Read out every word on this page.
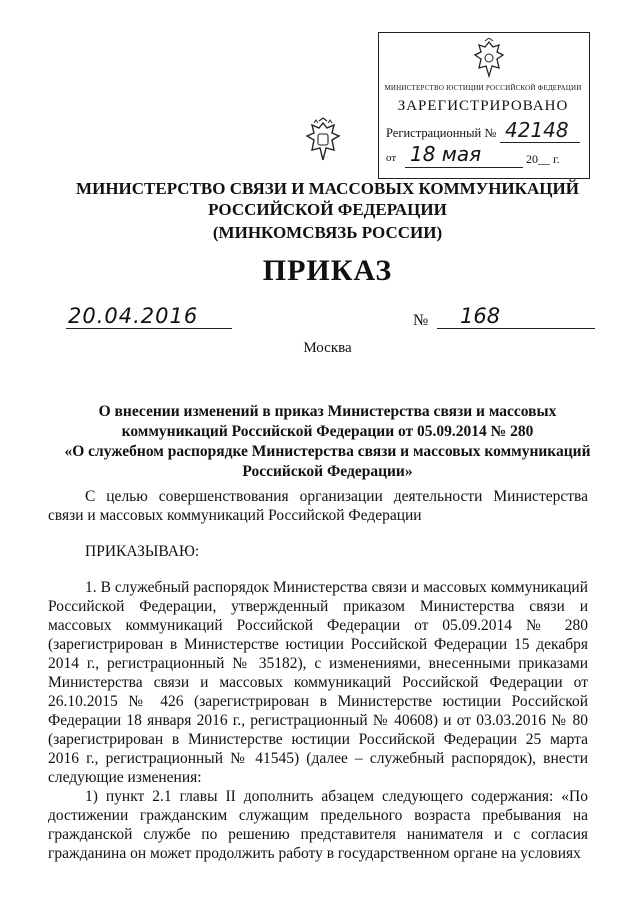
МИНИСТЕРСТВО ЮСТИЦИИ РОССИЙСКОЙ ФЕДЕРАЦИИ
ЗАРЕГИСТРИРОВАНО
Регистрационный № 42148
от 18 мая	20__ г.
МИНИСТЕРСТВО СВЯЗИ И МАССОВЫХ КОММУНИКАЦИЙ
РОССИЙСКОЙ ФЕДЕРАЦИИ
(МИНКОМСВЯЗЬ РОССИИ)
ПРИКАЗ
20.04.2016	№ 168
Москва
О внесении изменений в приказ Министерства связи и массовых
коммуникаций Российской Федерации от 05.09.2014 № 280
«О служебном распорядке Министерства связи и массовых коммуникаций
Российской Федерации»
С целью совершенствования организации деятельности Министерства связи и массовых коммуникаций Российской Федерации
ПРИКАЗЫВАЮ:
1. В служебный распорядок Министерства связи и массовых коммуникаций Российской Федерации, утвержденный приказом Министерства связи и массовых коммуникаций Российской Федерации от 05.09.2014 № 280 (зарегистрирован в Министерстве юстиции Российской Федерации 15 декабря 2014 г., регистрационный № 35182), с изменениями, внесенными приказами Министерства связи и массовых коммуникаций Российской Федерации от 26.10.2015 № 426 (зарегистрирован в Министерстве юстиции Российской Федерации 18 января 2016 г., регистрационный № 40608) и от 03.03.2016 № 80 (зарегистрирован в Министерстве юстиции Российской Федерации 25 марта 2016 г., регистрационный № 41545) (далее – служебный распорядок), внести следующие изменения:
1) пункт 2.1 главы II дополнить абзацем следующего содержания: «По достижении гражданским служащим предельного возраста пребывания на гражданской службе по решению представителя нанимателя и с согласия гражданина он может продолжить работу в государственном органе на условиях
